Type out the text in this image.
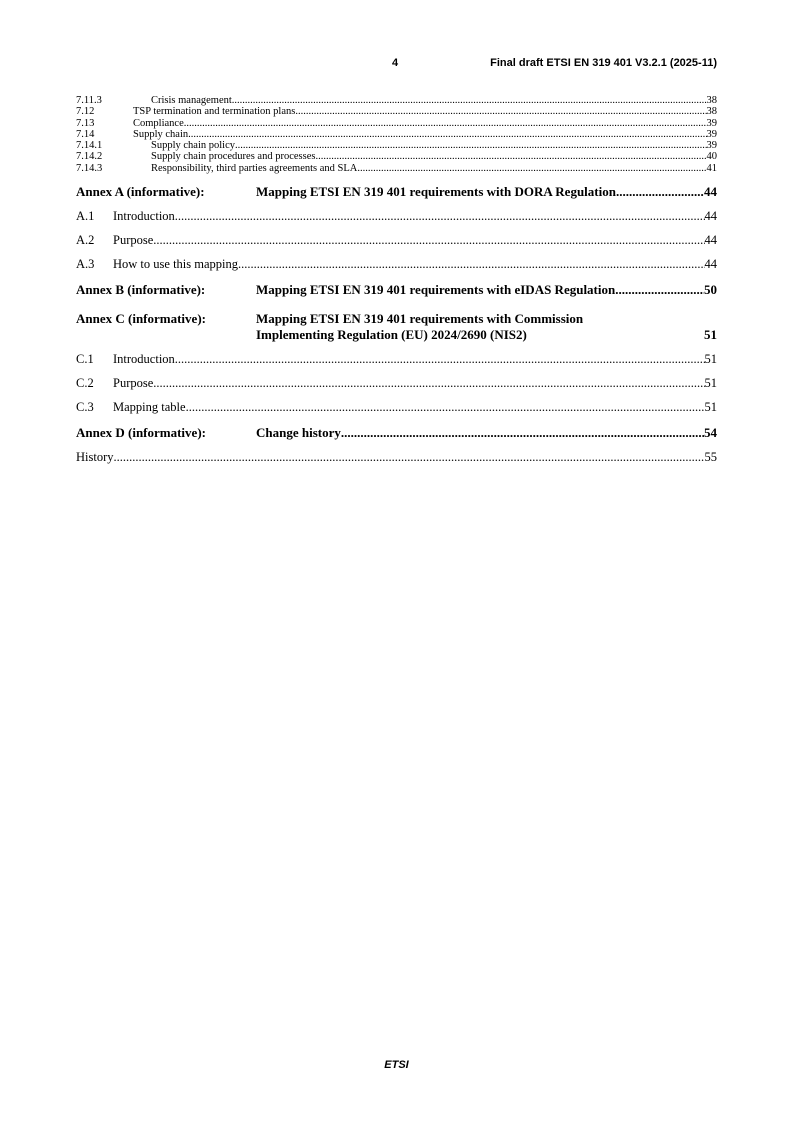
4	Final draft ETSI EN 319 401 V3.2.1 (2025-11)
7.11.3	Crisis management .....	38
7.12	TSP termination and termination plans .....	38
7.13	Compliance .....	39
7.14	Supply chain .....	39
7.14.1	Supply chain policy .....	39
7.14.2	Supply chain procedures and processes .....	40
7.14.3	Responsibility, third parties agreements and SLA .....	41
Annex A (informative):	Mapping ETSI EN 319 401 requirements with DORA Regulation .....	44
A.1	Introduction .....	44
A.2	Purpose .....	44
A.3	How to use this mapping .....	44
Annex B (informative):	Mapping ETSI EN 319 401 requirements with eIDAS Regulation .....	50
Annex C (informative):	Mapping ETSI EN 319 401 requirements with Commission
Implementing Regulation (EU) 2024/2690 (NIS2)	51
C.1	Introduction .....	51
C.2	Purpose .....	51
C.3	Mapping table .....	51
Annex D (informative):	Change history .....	54
History .....	55
ETSI
